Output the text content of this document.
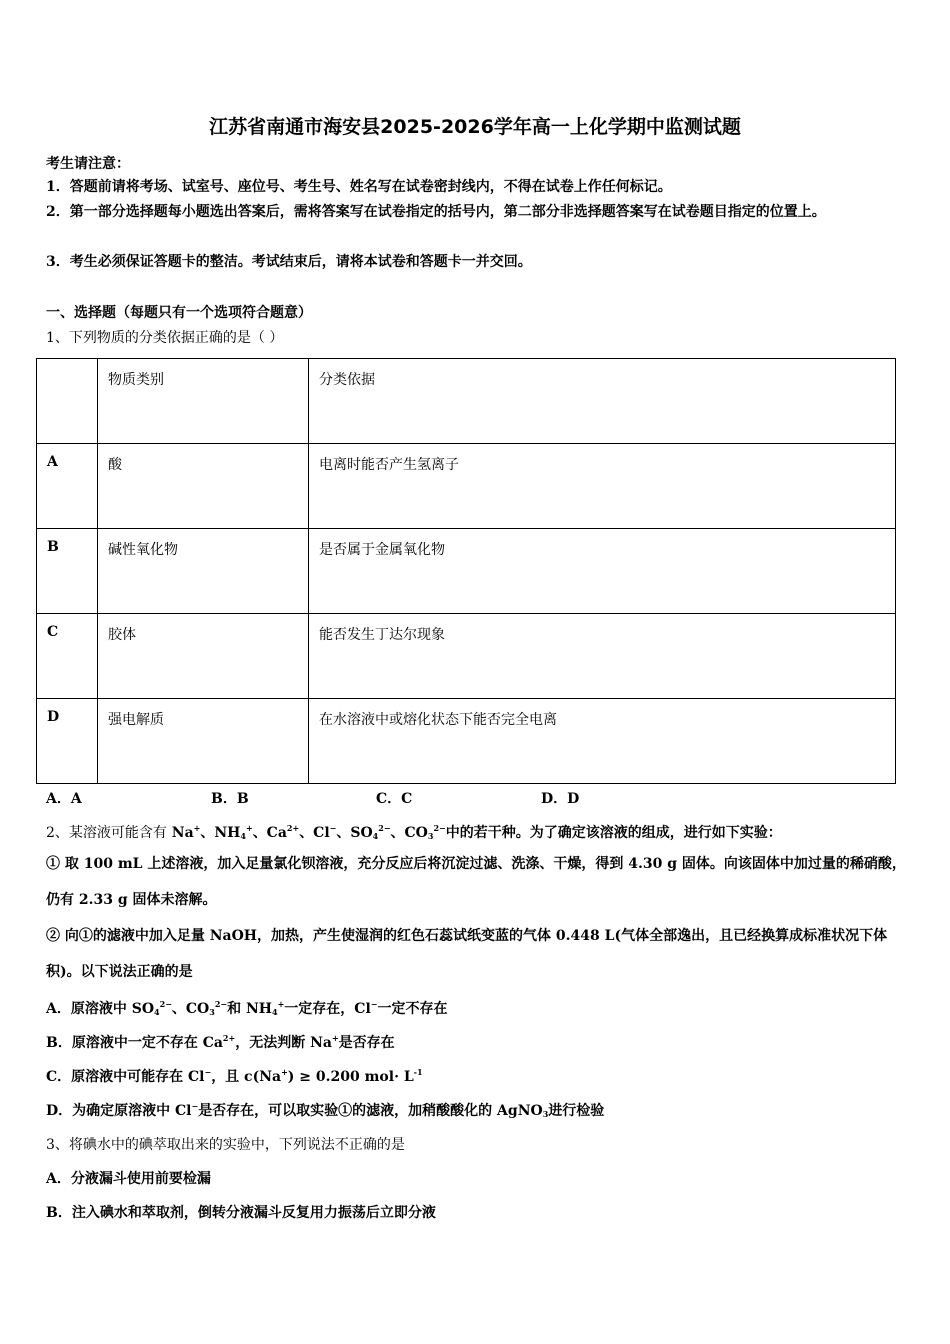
江苏省南通市海安县2025-2026学年高一上化学期中监测试题
考生请注意：
1．答题前请将考场、试室号、座位号、考生号、姓名写在试卷密封线内，不得在试卷上作任何标记。
2．第一部分选择题每小题选出答案后，需将答案写在试卷指定的括号内，第二部分非选择题答案写在试卷题目指定的位置上。
3．考生必须保证答题卡的整洁。考试结束后，请将本试卷和答题卡一并交回。
一、选择题（每题只有一个选项符合题意）
1、下列物质的分类依据正确的是（ ）
	物质类别	分类依据
A	酸	电离时能否产生氢离子
B	碱性氧化物	是否属于金属氧化物
C	胶体	能否发生丁达尔现象
D	强电解质	在水溶液中或熔化状态下能否完全电离
A．A	B．B	C．C	D．D
2、某溶液可能含有 Na+、$NH_4^+$、$Ca^{2+}$、Cl−、$SO_4^{2-}$、$CO_3^{2-}$中的若干种。为了确定该溶液的组成，进行如下实验：
① 取 100 mL 上述溶液，加入足量氯化钡溶液，充分反应后将沉淀过滤、洗涤、干燥，得到 4.30 g 固体。向该固体中加过量的稀硝酸，仍有 2.33 g 固体未溶解。
② 向①的滤液中加入足量 NaOH，加热，产生使湿润的红色石蕊试纸变蓝的气体 0.448 L(气体全部逸出，且已经换算成标准状况下体积)。以下说法正确的是
A．原溶液中 $SO_4^{2-}$、$CO_3^{2-}$和 $NH_4^+$一定存在，Cl−一定不存在
B．原溶液中一定不存在 $Ca^{2+}$，无法判断 Na+是否存在
C．原溶液中可能存在 Cl−，且 c(Na+) ≥ 0.200 $mol\cdot L^{-1}$
D．为确定原溶液中 Cl−是否存在，可以取实验①的滤液，加稍酸酸化的 AgNO$_3$进行检验
3、将碘水中的碘萃取出来的实验中，下列说法不正确的是
A．分液漏斗使用前要检漏
B．注入碘水和萃取剂，倒转分液漏斗反复用力振荡后立即分液
